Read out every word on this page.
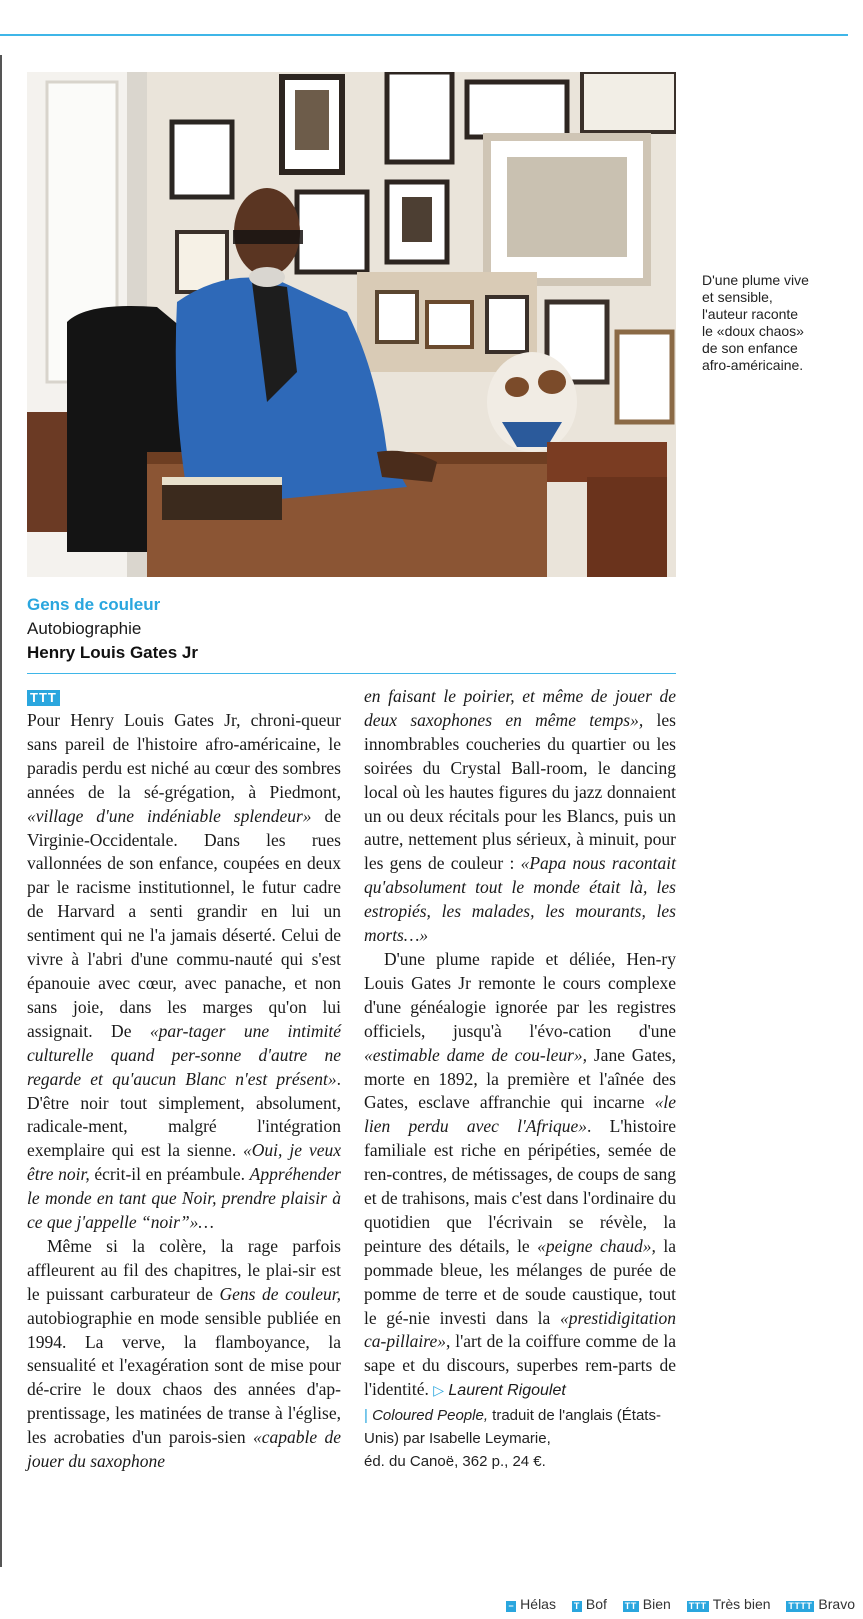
D'une plume vive
et sensible,
l'auteur raconte
le «doux chaos»
de son enfance
afro-américaine.
Gens de couleur
Autobiographie
Henry Louis Gates Jr
TTT

Pour Henry Louis Gates Jr, chroni-queur sans pareil de l'histoire afro-américaine, le paradis perdu est niché au cœur des sombres années de la sé-grégation, à Piedmont, «village d'une indéniable splendeur» de Virginie-Occidentale. Dans les rues vallonnées de son enfance, coupées en deux par le racisme institutionnel, le futur cadre de Harvard a senti grandir en lui un sentiment qui ne l'a jamais déserté. Celui de vivre à l'abri d'une commu-nauté qui s'est épanouie avec cœur, avec panache, et non sans joie, dans les marges qu'on lui assignait. De «par-tager une intimité culturelle quand per-sonne d'autre ne regarde et qu'aucun Blanc n'est présent». D'être noir tout simplement, absolument, radicale-ment, malgré l'intégration exemplaire qui est la sienne. «Oui, je veux être noir, écrit-il en préambule. Appréhender le monde en tant que Noir, prendre plaisir à ce que j'appelle “noir”»…

Même si la colère, la rage parfois affleurent au fil des chapitres, le plai-sir est le puissant carburateur de Gens de couleur, autobiographie en mode sensible publiée en 1994. La verve, la flamboyance, la sensualité et l'exagération sont de mise pour dé-crire le doux chaos des années d'ap-prentissage, les matinées de transe à l'église, les acrobaties d'un parois-sien «capable de jouer du saxophone

en faisant le poirier, et même de jouer de deux saxophones en même temps», les innombrables coucheries du quartier ou les soirées du Crystal Ball-room, le dancing local où les hautes figures du jazz donnaient un ou deux récitals pour les Blancs, puis un autre, nettement plus sérieux, à minuit, pour les gens de couleur : «Papa nous racontait qu'absolument tout le monde était là, les estropiés, les malades, les mourants, les morts…»

D'une plume rapide et déliée, Hen-ry Louis Gates Jr remonte le cours complexe d'une généalogie ignorée par les registres officiels, jusqu'à l'évo-cation d'une «estimable dame de cou-leur», Jane Gates, morte en 1892, la première et l'aînée des Gates, esclave affranchie qui incarne «le lien perdu avec l'Afrique». L'histoire familiale est riche en péripéties, semée de ren-contres, de métissages, de coups de sang et de trahisons, mais c'est dans l'ordinaire du quotidien que l'écrivain se révèle, la peinture des détails, le «peigne chaud», la pommade bleue, les mélanges de purée de pomme de terre et de soude caustique, tout le gé-nie investi dans la «prestidigitation ca-pillaire», l'art de la coiffure comme de la sape et du discours, superbes rem-parts de l'identité. ▷ Laurent Rigoulet

| Coloured People, traduit de l'anglais (États-Unis) par Isabelle Leymarie,
éd. du Canoë, 362 p., 24 €.
− Hélas T Bof TT Bien TTT Très bien TTTT Bravo
